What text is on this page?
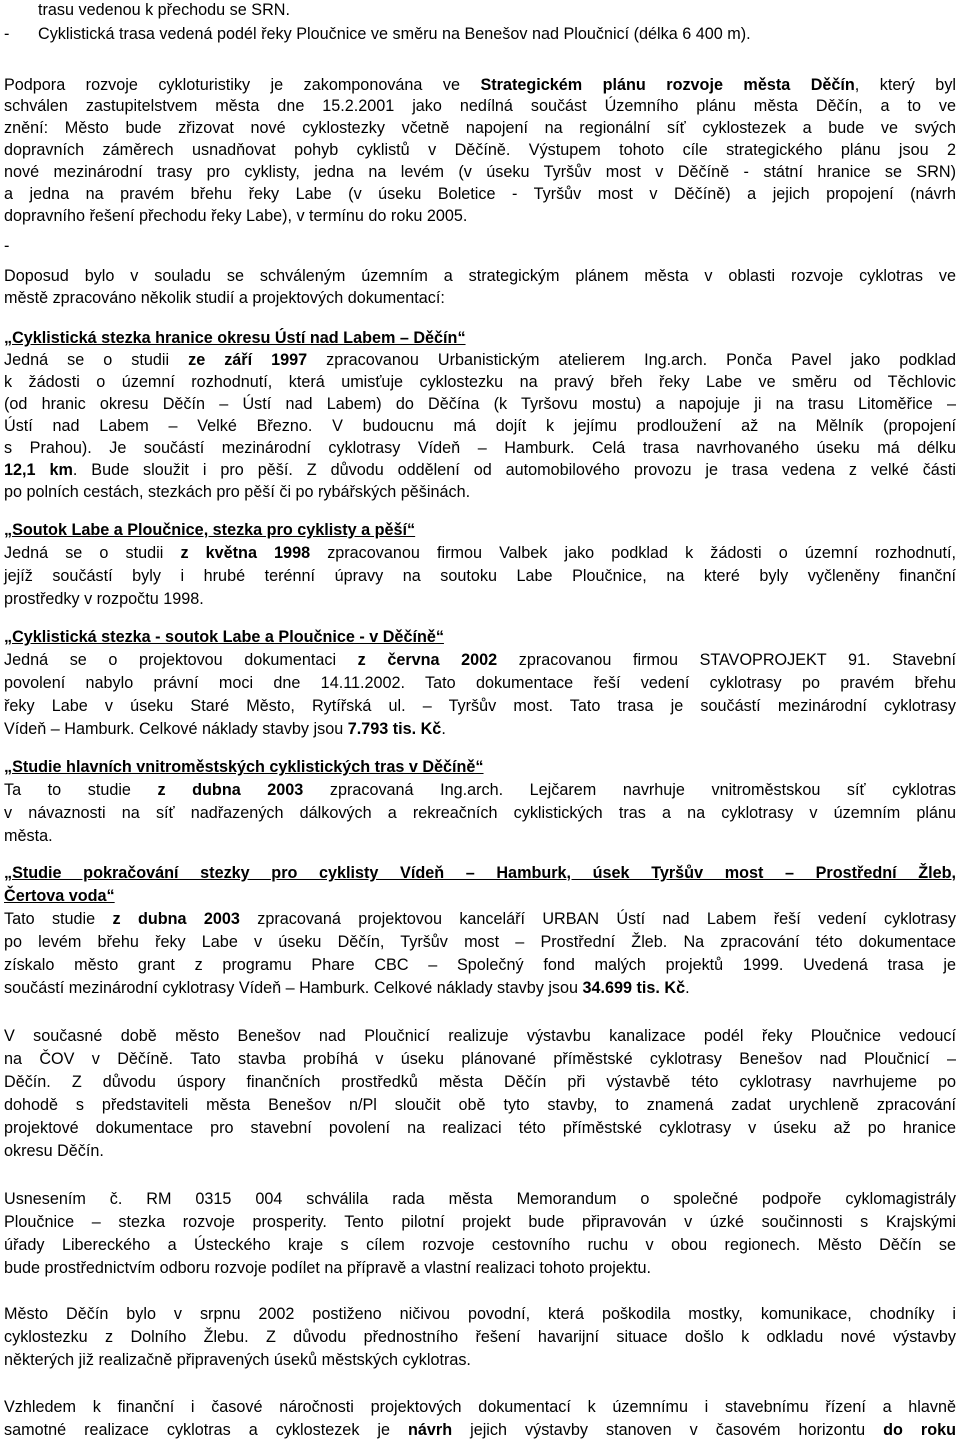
trasu vedenou k přechodu se SRN.
- Cyklistická trasa vedená podél řeky Ploučnice ve směru na Benešov nad Ploučnicí (délka 6 400 m).
Podpora rozvoje cykloturistiky je zakomponována ve Strategickém plánu rozvoje města Děčín, který byl
schválen zastupitelstvem města dne 15.2.2001 jako nedílná součást Územního plánu města Děčín, a to ve
znění: Město bude zřizovat nové cyklostezky včetně napojení na regionální síť cyklostezek a bude ve svých
dopravních záměrech usnadňovat pohyb cyklistů v Děčíně. Výstupem tohoto cíle strategického plánu jsou 2
nové mezinárodní trasy pro cyklisty, jedna na levém (v úseku Tyršův most v Děčíně - státní hranice se SRN)
a jedna na pravém břehu řeky Labe (v úseku Boletice - Tyršův most v Děčíně) a jejich propojení (návrh
dopravního řešení přechodu řeky Labe), v termínu do roku 2005.
-
Doposud bylo v souladu se schváleným územním a strategickým plánem města v oblasti rozvoje cyklotras ve
městě zpracováno několik studií a projektových dokumentací:
„Cyklistická stezka hranice okresu Ústí nad Labem – Děčín“
Jedná se o studii ze září 1997 zpracovanou Urbanistickým atelierem Ing.arch. Ponča Pavel jako podklad
k žádosti o územní rozhodnutí, která umisťuje cyklostezku na pravý břeh řeky Labe ve směru od Těchlovic
(od hranic okresu Děčín – Ústí nad Labem) do Děčína (k Tyršovu mostu) a napojuje ji na trasu Litoměřice –
Ústí nad Labem – Velké Březno. V budoucnu má dojít k jejímu prodloužení až na Mělník (propojení
s Prahou). Je součástí mezinárodní cyklotrasy Vídeň – Hamburk. Celá trasa navrhovaného úseku má délku
12,1 km. Bude sloužit i pro pěší. Z důvodu oddělení od automobilového provozu je trasa vedena z velké části
po polních cestách, stezkách pro pěší či po rybářských pěšinách.
„Soutok Labe a Ploučnice, stezka pro cyklisty a pěší“
Jedná se o studii z května 1998 zpracovanou firmou Valbek jako podklad k žádosti o územní rozhodnutí,
jejíž součástí byly i hrubé terénní úpravy na soutoku Labe Ploučnice, na které byly vyčleněny finanční
prostředky v rozpočtu 1998.
„Cyklistická stezka - soutok Labe a Ploučnice - v Děčíně“
Jedná se o projektovou dokumentaci z června 2002 zpracovanou firmou STAVOPROJEKT 91. Stavební
povolení nabylo právní moci dne 14.11.2002. Tato dokumentace řeší vedení cyklotrasy po pravém břehu
řeky Labe v úseku Staré Město, Rytířská ul. – Tyršův most. Tato trasa je součástí mezinárodní cyklotrasy
Vídeň – Hamburk. Celkové náklady stavby jsou 7.793 tis. Kč.
„Studie hlavních vnitroměstských cyklistických tras v Děčíně“
Ta to studie z dubna 2003 zpracovaná Ing.arch. Lejčarem navrhuje vnitroměstskou síť cyklotras
v návaznosti na síť nadřazených dálkových a rekreačních cyklistických tras a na cyklotrasy v územním plánu
města.
„Studie pokračování stezky pro cyklisty Vídeň – Hamburk, úsek Tyršův most – Prostřední Žleb,
Čertova voda“
Tato studie z dubna 2003 zpracovaná projektovou kanceláří URBAN Ústí nad Labem řeší vedení cyklotrasy
po levém břehu řeky Labe v úseku Děčín, Tyršův most – Prostřední Žleb. Na zpracování této dokumentace
získalo město grant z programu Phare CBC – Společný fond malých projektů 1999. Uvedená trasa je
součástí mezinárodní cyklotrasy Vídeň – Hamburk. Celkové náklady stavby jsou 34.699 tis. Kč.
V současné době město Benešov nad Ploučnicí realizuje výstavbu kanalizace podél řeky Ploučnice vedoucí
na ČOV v Děčíně. Tato stavba probíhá v úseku plánované příměstské cyklotrasy Benešov nad Ploučnicí –
Děčín. Z důvodu úspory finančních prostředků města Děčín při výstavbě této cyklotrasy navrhujeme po
dohodě s představiteli města Benešov n/Pl sloučit obě tyto stavby, to znamená zadat urychleně zpracování
projektové dokumentace pro stavební povolení na realizaci této příměstské cyklotrasy v úseku až po hranice
okresu Děčín.
Usnesením č. RM 0315 004 schválila rada města Memorandum o společné podpoře cyklomagistrály
Ploučnice – stezka rozvoje prosperity. Tento pilotní projekt bude připravován v úzké součinnosti s Krajskými
úřady Libereckého a Ústeckého kraje s cílem rozvoje cestovního ruchu v obou regionech. Město Děčín se
bude prostřednictvím odboru rozvoje podílet na přípravě a vlastní realizaci tohoto projektu.
Město Děčín bylo v srpnu 2002 postiženo ničivou povodní, která poškodila mostky, komunikace, chodníky i
cyklostezku z Dolního Žlebu. Z důvodu přednostního řešení havarijní situace došlo k odkladu nové výstavby
některých již realizačně připravených úseků městských cyklotras.
Vzhledem k finanční i časové náročnosti projektových dokumentací k územnímu i stavebnímu řízení a hlavně
samotné realizace cyklotras a cyklostezek je návrh jejich výstavby stanoven v časovém horizontu do roku
